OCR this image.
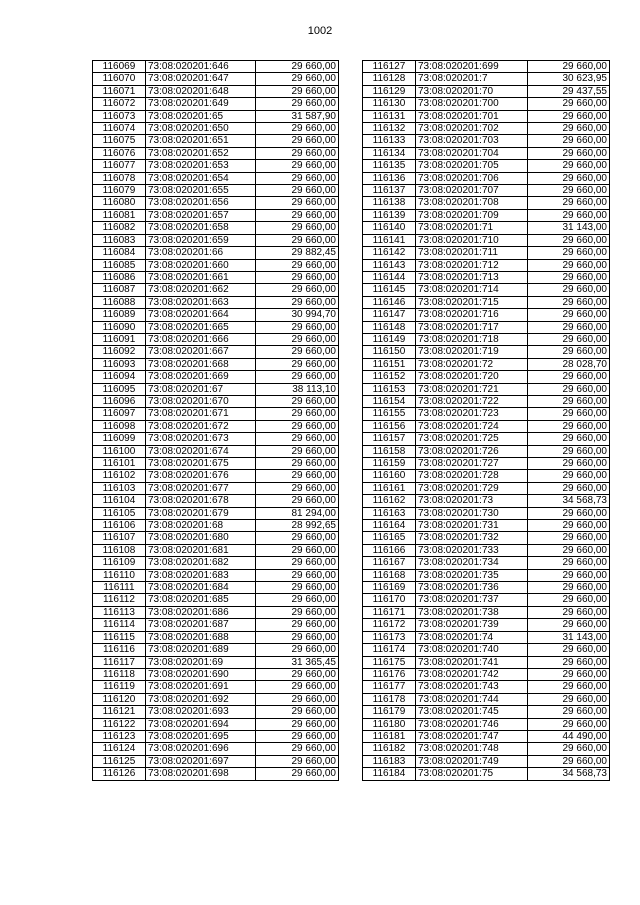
1002
116069	73:08:020201:646	29 660,00
116070	73:08:020201:647	29 660,00
116071	73:08:020201:648	29 660,00
116072	73:08:020201:649	29 660,00
116073	73:08:020201:65	31 587,90
116074	73:08:020201:650	29 660,00
116075	73:08:020201:651	29 660,00
116076	73:08:020201:652	29 660,00
116077	73:08:020201:653	29 660,00
116078	73:08:020201:654	29 660,00
116079	73:08:020201:655	29 660,00
116080	73:08:020201:656	29 660,00
116081	73:08:020201:657	29 660,00
116082	73:08:020201:658	29 660,00
116083	73:08:020201:659	29 660,00
116084	73:08:020201:66	29 882,45
116085	73:08:020201:660	29 660,00
116086	73:08:020201:661	29 660,00
116087	73:08:020201:662	29 660,00
116088	73:08:020201:663	29 660,00
116089	73:08:020201:664	30 994,70
116090	73:08:020201:665	29 660,00
116091	73:08:020201:666	29 660,00
116092	73:08:020201:667	29 660,00
116093	73:08:020201:668	29 660,00
116094	73:08:020201:669	29 660,00
116095	73:08:020201:67	38 113,10
116096	73:08:020201:670	29 660,00
116097	73:08:020201:671	29 660,00
116098	73:08:020201:672	29 660,00
116099	73:08:020201:673	29 660,00
116100	73:08:020201:674	29 660,00
116101	73:08:020201:675	29 660,00
116102	73:08:020201:676	29 660,00
116103	73:08:020201:677	29 660,00
116104	73:08:020201:678	29 660,00
116105	73:08:020201:679	81 294,00
116106	73:08:020201:68	28 992,65
116107	73:08:020201:680	29 660,00
116108	73:08:020201:681	29 660,00
116109	73:08:020201:682	29 660,00
116110	73:08:020201:683	29 660,00
116111	73:08:020201:684	29 660,00
116112	73:08:020201:685	29 660,00
116113	73:08:020201:686	29 660,00
116114	73:08:020201:687	29 660,00
116115	73:08:020201:688	29 660,00
116116	73:08:020201:689	29 660,00
116117	73:08:020201:69	31 365,45
116118	73:08:020201:690	29 660,00
116119	73:08:020201:691	29 660,00
116120	73:08:020201:692	29 660,00
116121	73:08:020201:693	29 660,00
116122	73:08:020201:694	29 660,00
116123	73:08:020201:695	29 660,00
116124	73:08:020201:696	29 660,00
116125	73:08:020201:697	29 660,00
116126	73:08:020201:698	29 660,00
116127	73:08:020201:699	29 660,00
116128	73:08:020201:7	30 623,95
116129	73:08:020201:70	29 437,55
116130	73:08:020201:700	29 660,00
116131	73:08:020201:701	29 660,00
116132	73:08:020201:702	29 660,00
116133	73:08:020201:703	29 660,00
116134	73:08:020201:704	29 660,00
116135	73:08:020201:705	29 660,00
116136	73:08:020201:706	29 660,00
116137	73:08:020201:707	29 660,00
116138	73:08:020201:708	29 660,00
116139	73:08:020201:709	29 660,00
116140	73:08:020201:71	31 143,00
116141	73:08:020201:710	29 660,00
116142	73:08:020201:711	29 660,00
116143	73:08:020201:712	29 660,00
116144	73:08:020201:713	29 660,00
116145	73:08:020201:714	29 660,00
116146	73:08:020201:715	29 660,00
116147	73:08:020201:716	29 660,00
116148	73:08:020201:717	29 660,00
116149	73:08:020201:718	29 660,00
116150	73:08:020201:719	29 660,00
116151	73:08:020201:72	28 028,70
116152	73:08:020201:720	29 660,00
116153	73:08:020201:721	29 660,00
116154	73:08:020201:722	29 660,00
116155	73:08:020201:723	29 660,00
116156	73:08:020201:724	29 660,00
116157	73:08:020201:725	29 660,00
116158	73:08:020201:726	29 660,00
116159	73:08:020201:727	29 660,00
116160	73:08:020201:728	29 660,00
116161	73:08:020201:729	29 660,00
116162	73:08:020201:73	34 568,73
116163	73:08:020201:730	29 660,00
116164	73:08:020201:731	29 660,00
116165	73:08:020201:732	29 660,00
116166	73:08:020201:733	29 660,00
116167	73:08:020201:734	29 660,00
116168	73:08:020201:735	29 660,00
116169	73:08:020201:736	29 660,00
116170	73:08:020201:737	29 660,00
116171	73:08:020201:738	29 660,00
116172	73:08:020201:739	29 660,00
116173	73:08:020201:74	31 143,00
116174	73:08:020201:740	29 660,00
116175	73:08:020201:741	29 660,00
116176	73:08:020201:742	29 660,00
116177	73:08:020201:743	29 660,00
116178	73:08:020201:744	29 660,00
116179	73:08:020201:745	29 660,00
116180	73:08:020201:746	29 660,00
116181	73:08:020201:747	44 490,00
116182	73:08:020201:748	29 660,00
116183	73:08:020201:749	29 660,00
116184	73:08:020201:75	34 568,73
